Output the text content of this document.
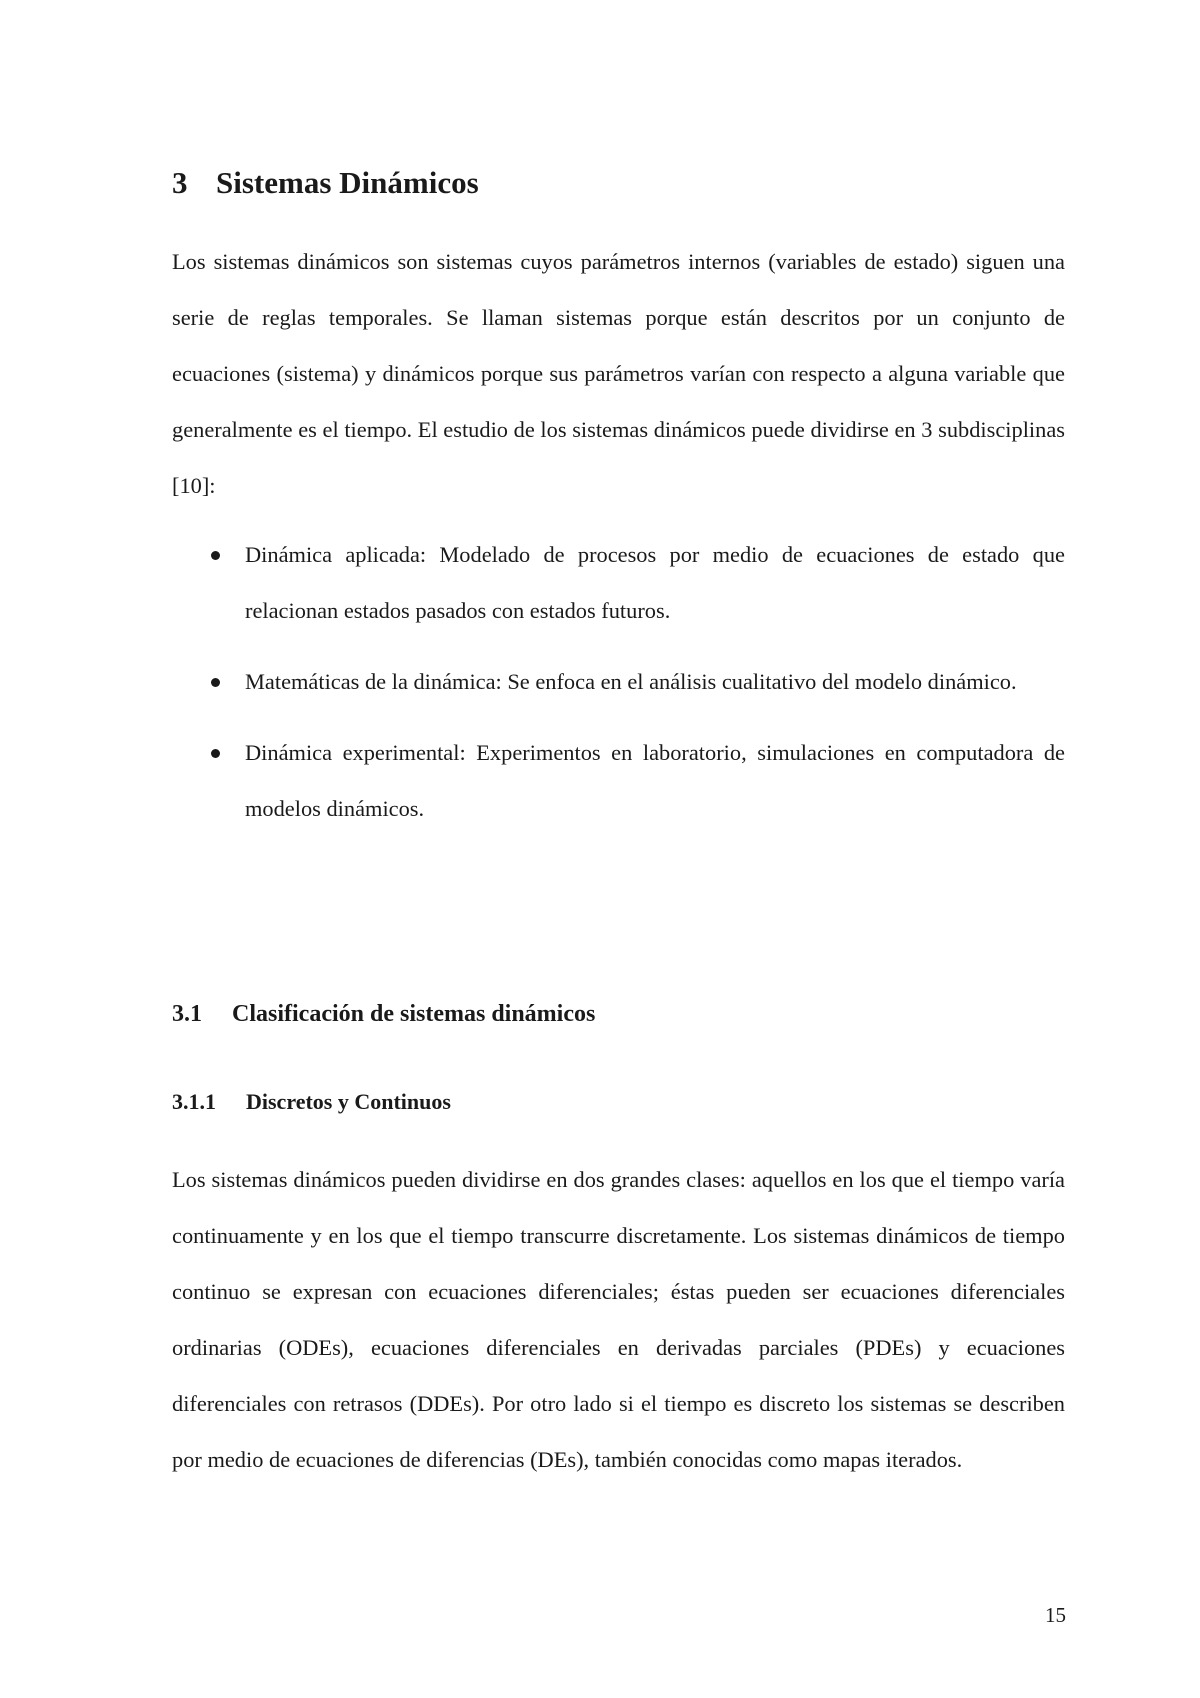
3 Sistemas Dinámicos

Los sistemas dinámicos son sistemas cuyos parámetros internos (variables de estado) siguen una serie de reglas temporales. Se llaman sistemas porque están descritos por un conjunto de ecuaciones (sistema) y dinámicos porque sus parámetros varían con respecto a alguna variable que generalmente es el tiempo. El estudio de los sistemas dinámicos puede dividirse en 3 subdisciplinas [10]:

Dinámica aplicada: Modelado de procesos por medio de ecuaciones de estado que relacionan estados pasados con estados futuros.
Matemáticas de la dinámica: Se enfoca en el análisis cualitativo del modelo dinámico.
Dinámica experimental: Experimentos en laboratorio, simulaciones en computadora de modelos dinámicos.
3.1 Clasificación de sistemas dinámicos
3.1.1 Discretos y Continuos

Los sistemas dinámicos pueden dividirse en dos grandes clases: aquellos en los que el tiempo varía continuamente y en los que el tiempo transcurre discretamente. Los sistemas dinámicos de tiempo continuo se expresan con ecuaciones diferenciales; éstas pueden ser ecuaciones diferenciales ordinarias (ODEs), ecuaciones diferenciales en derivadas parciales (PDEs) y ecuaciones diferenciales con retrasos (DDEs). Por otro lado si el tiempo es discreto los sistemas se describen por medio de ecuaciones de diferencias (DEs), también conocidas como mapas iterados.

15
